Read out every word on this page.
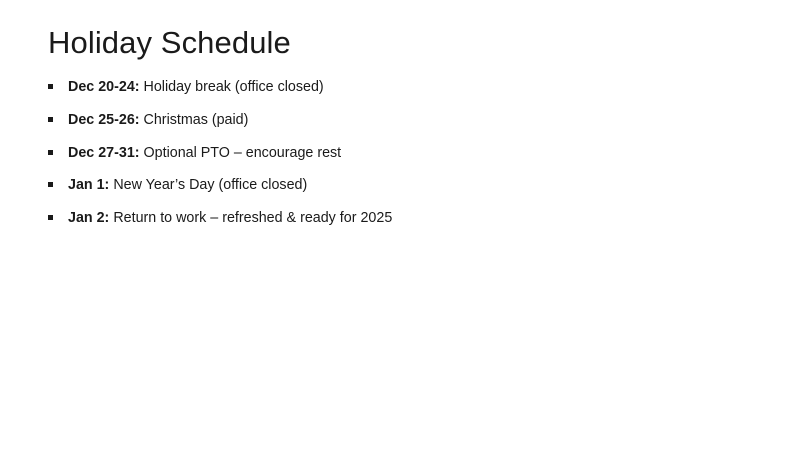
Holiday Schedule
Dec 20-24: Holiday break (office closed)
Dec 25-26: Christmas (paid)
Dec 27-31: Optional PTO – encourage rest
Jan 1: New Year’s Day (office closed)
Jan 2: Return to work – refreshed & ready for 2025
